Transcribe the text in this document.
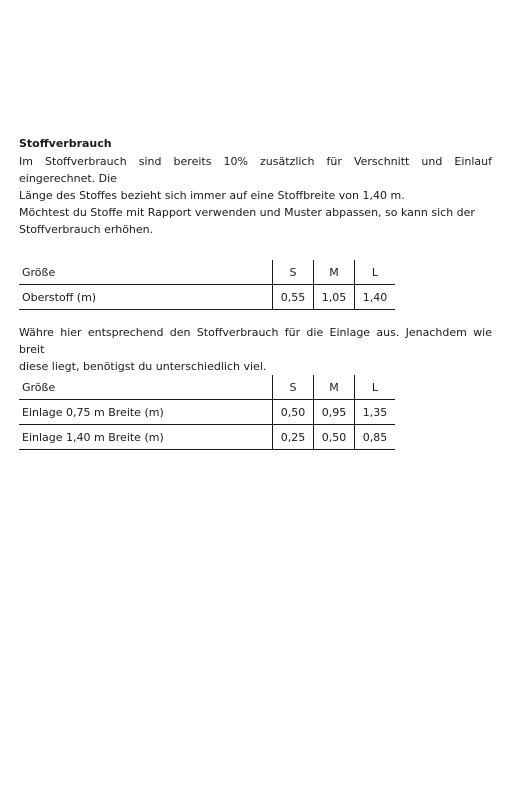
Stoffverbrauch

Im Stoffverbrauch sind bereits 10% zusätzlich für Verschnitt und Einlauf eingerechnet. Die

Länge des Stoffes bezieht sich immer auf eine Stoffbreite von 1,40 m.

Möchtest du Stoffe mit Rapport verwenden und Muster abpassen, so kann sich der

Stoffverbrauch erhöhen.

Größe	S	M	L
Oberstoff (m)	0,55	1,05	1,40

Währe hier entsprechend den Stoffverbrauch für die Einlage aus. Jenachdem wie breit

diese liegt, benötigst du unterschiedlich viel.

Größe	S	M	L
Einlage 0,75 m Breite (m)	0,50	0,95	1,35
Einlage 1,40 m Breite (m)	0,25	0,50	0,85
